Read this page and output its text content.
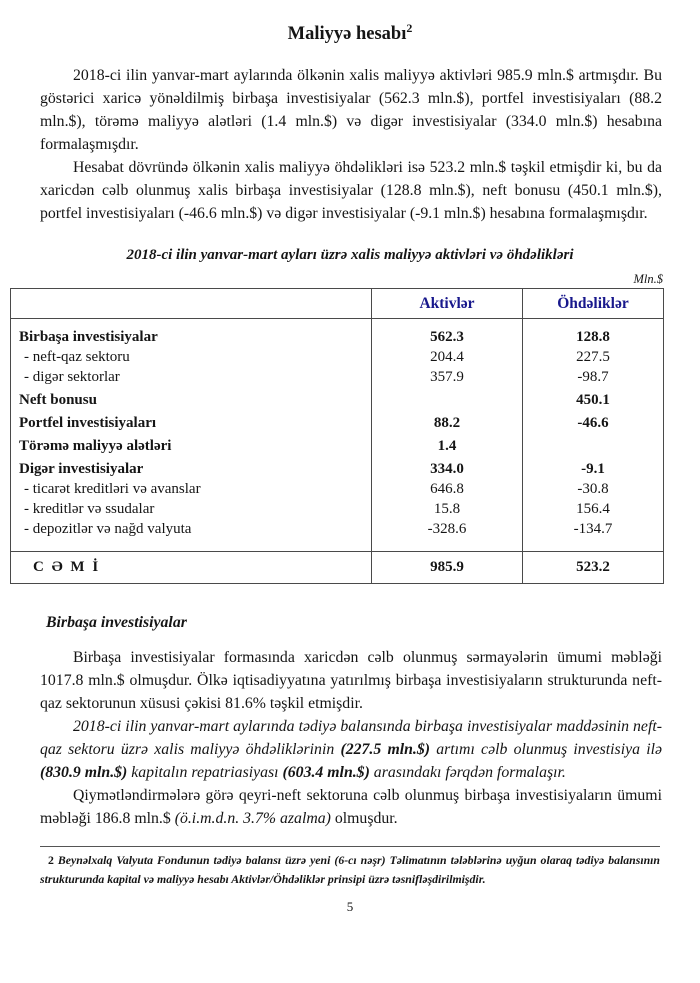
Maliyyə hesabı$^2$

2018-ci ilin yanvar-mart aylarında ölkənin xalis maliyyə aktivləri 985.9 mln.$ artmışdır. Bu göstərici xaricə yönəldilmiş birbaşa investisiyalar (562.3 mln.$), portfel investisiyaları (88.2 mln.$), törəmə maliyyə alətləri (1.4 mln.$) və digər investisiyalar (334.0 mln.$) hesabına formalaşmışdır.

Hesabat dövründə ölkənin xalis maliyyə öhdəlikləri isə 523.2 mln.$ təşkil etmişdir ki, bu da xaricdən cəlb olunmuş xalis birbaşa investisiyalar (128.8 mln.$), neft bonusu (450.1 mln.$), portfel investisiyaları (-46.6 mln.$) və digər investisiyalar (-9.1 mln.$) hesabına formalaşmışdır.

2018-ci ilin yanvar-mart ayları üzrə xalis maliyyə aktivləri və öhdəlikləri
Mln.$
	Aktivlər	Öhdəliklər
Birbaşa investisiyalar	562.3	128.8
- neft-qaz sektoru	204.4	227.5
- digər sektorlar	357.9	-98.7
Neft bonusu		450.1
Portfel investisiyaları	88.2	-46.6
Törəmə maliyyə alətləri	1.4	
Digər investisiyalar	334.0	-9.1
- ticarət kreditləri və avanslar	646.8	-30.8
- kreditlər və ssudalar	15.8	156.4
- depozitlər və nağd valyuta	-328.6	-134.7

C Ə M İ	985.9	523.2
Birbaşa investisiyalar

Birbaşa investisiyalar formasında xaricdən cəlb olunmuş sərmayələrin ümumi məbləği 1017.8 mln.$ olmuşdur. Ölkə iqtisadiyyatına yatırılmış birbaşa investisiyaların strukturunda neft-qaz sektorunun xüsusi çəkisi 81.6% təşkil etmişdir.

2018-ci ilin yanvar-mart aylarında tədiyə balansında birbaşa investisiyalar maddəsinin neft-qaz sektoru üzrə xalis maliyyə öhdəliklərinin (227.5 mln.$) artımı cəlb olunmuş investisiya ilə (830.9 mln.$) kapitalın repatriasiyası (603.4 mln.$) arasındakı fərqdən formalaşır.

Qiymətləndirmələrə görə qeyri-neft sektoruna cəlb olunmuş birbaşa investisiyaların ümumi məbləği 186.8 mln.$ (ö.i.m.d.n. 3.7% azalma) olmuşdur.

2 Beynəlxalq Valyuta Fondunun tədiyə balansı üzrə yeni (6-cı nəşr) Təlimatının tələblərinə uyğun olaraq tədiyə balansının strukturunda kapital və maliyyə hesabı Aktivlər/Öhdəliklər prinsipi üzrə təsnifləşdirilmişdir.

5
